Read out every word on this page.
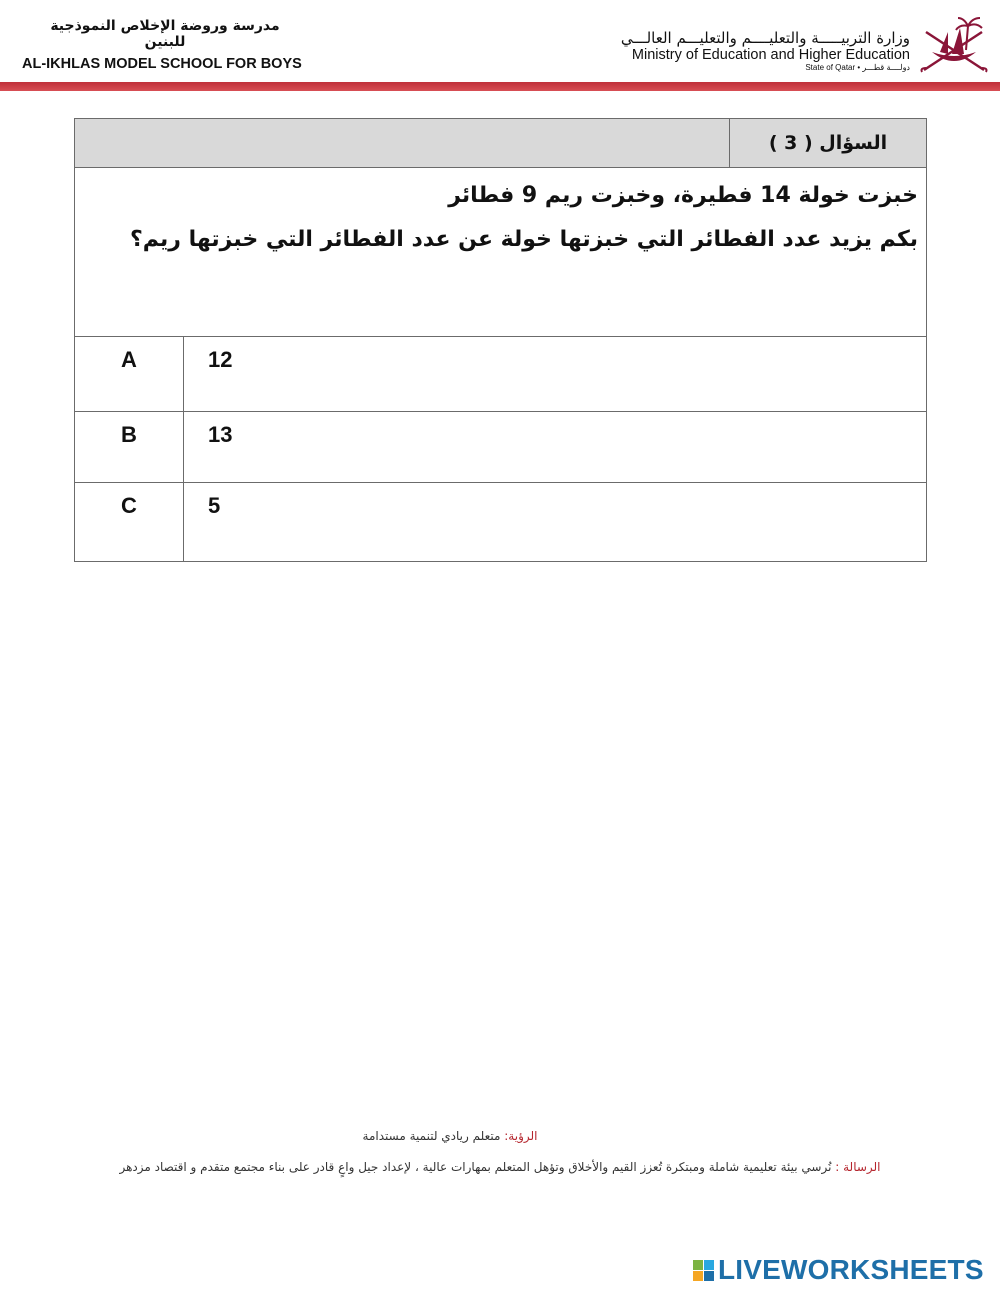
مدرسة وروضة الإخلاص النموذجية للبنين
AL-IKHLAS MODEL SCHOOL FOR BOYS
وزارة التربيـــــة والتعليــــم والتعليـــم العالـــي
Ministry of Education and Higher Education
State of Qatar • دولــــة قطـــر
		السؤال ( 3 )

خبزت خولة 14 فطيرة، وخبزت ريم 9 فطائر
بكم يزيد عدد الفطائر التي خبزتها خولة عن عدد الفطائر التي خبزتها ريم؟		

A	12	
B	13	
C	5	
الرؤية: متعلم ريادي لتنمية مستدامة
الرسالة : نُرسي بيئة تعليمية شاملة ومبتكرة تُعزز القيم والأخلاق وتؤهل المتعلم بمهارات عالية ، لإعداد جيل واعٍ قادر على بناء مجتمع متقدم و اقتصاد مزدهر
LIVEWORKSHEETS
